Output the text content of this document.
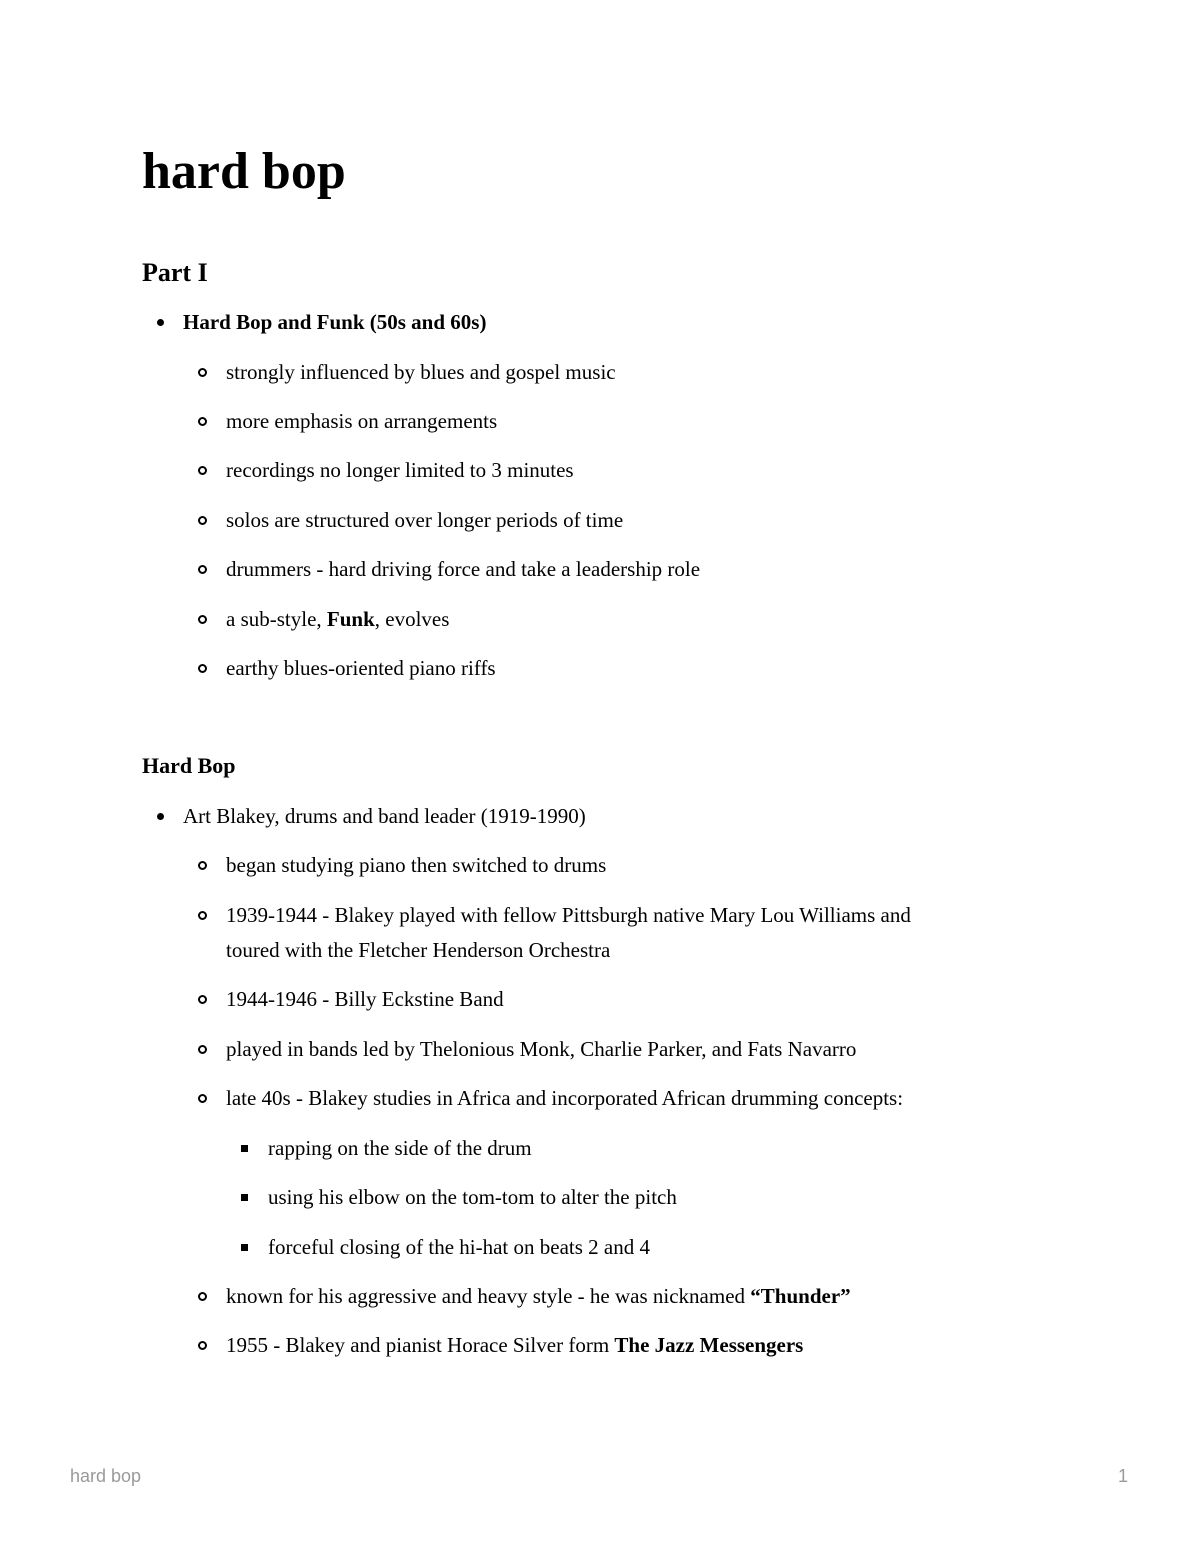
hard bop
Part I
Hard Bop and Funk (50s and 60s)
strongly influenced by blues and gospel music
more emphasis on arrangements
recordings no longer limited to 3 minutes
solos are structured over longer periods of time
drummers - hard driving force and take a leadership role
a sub-style, Funk, evolves
earthy blues-oriented piano riffs
Hard Bop
Art Blakey, drums and band leader (1919-1990)
began studying piano then switched to drums
1939-1944 - Blakey played with fellow Pittsburgh native Mary Lou Williams and
toured with the Fletcher Henderson Orchestra
1944-1946 - Billy Eckstine Band
played in bands led by Thelonious Monk, Charlie Parker, and Fats Navarro
late 40s - Blakey studies in Africa and incorporated African drumming concepts:
rapping on the side of the drum
using his elbow on the tom-tom to alter the pitch
forceful closing of the hi-hat on beats 2 and 4
known for his aggressive and heavy style - he was nicknamed “Thunder”
1955 - Blakey and pianist Horace Silver form The Jazz Messengers
hard bop	1
